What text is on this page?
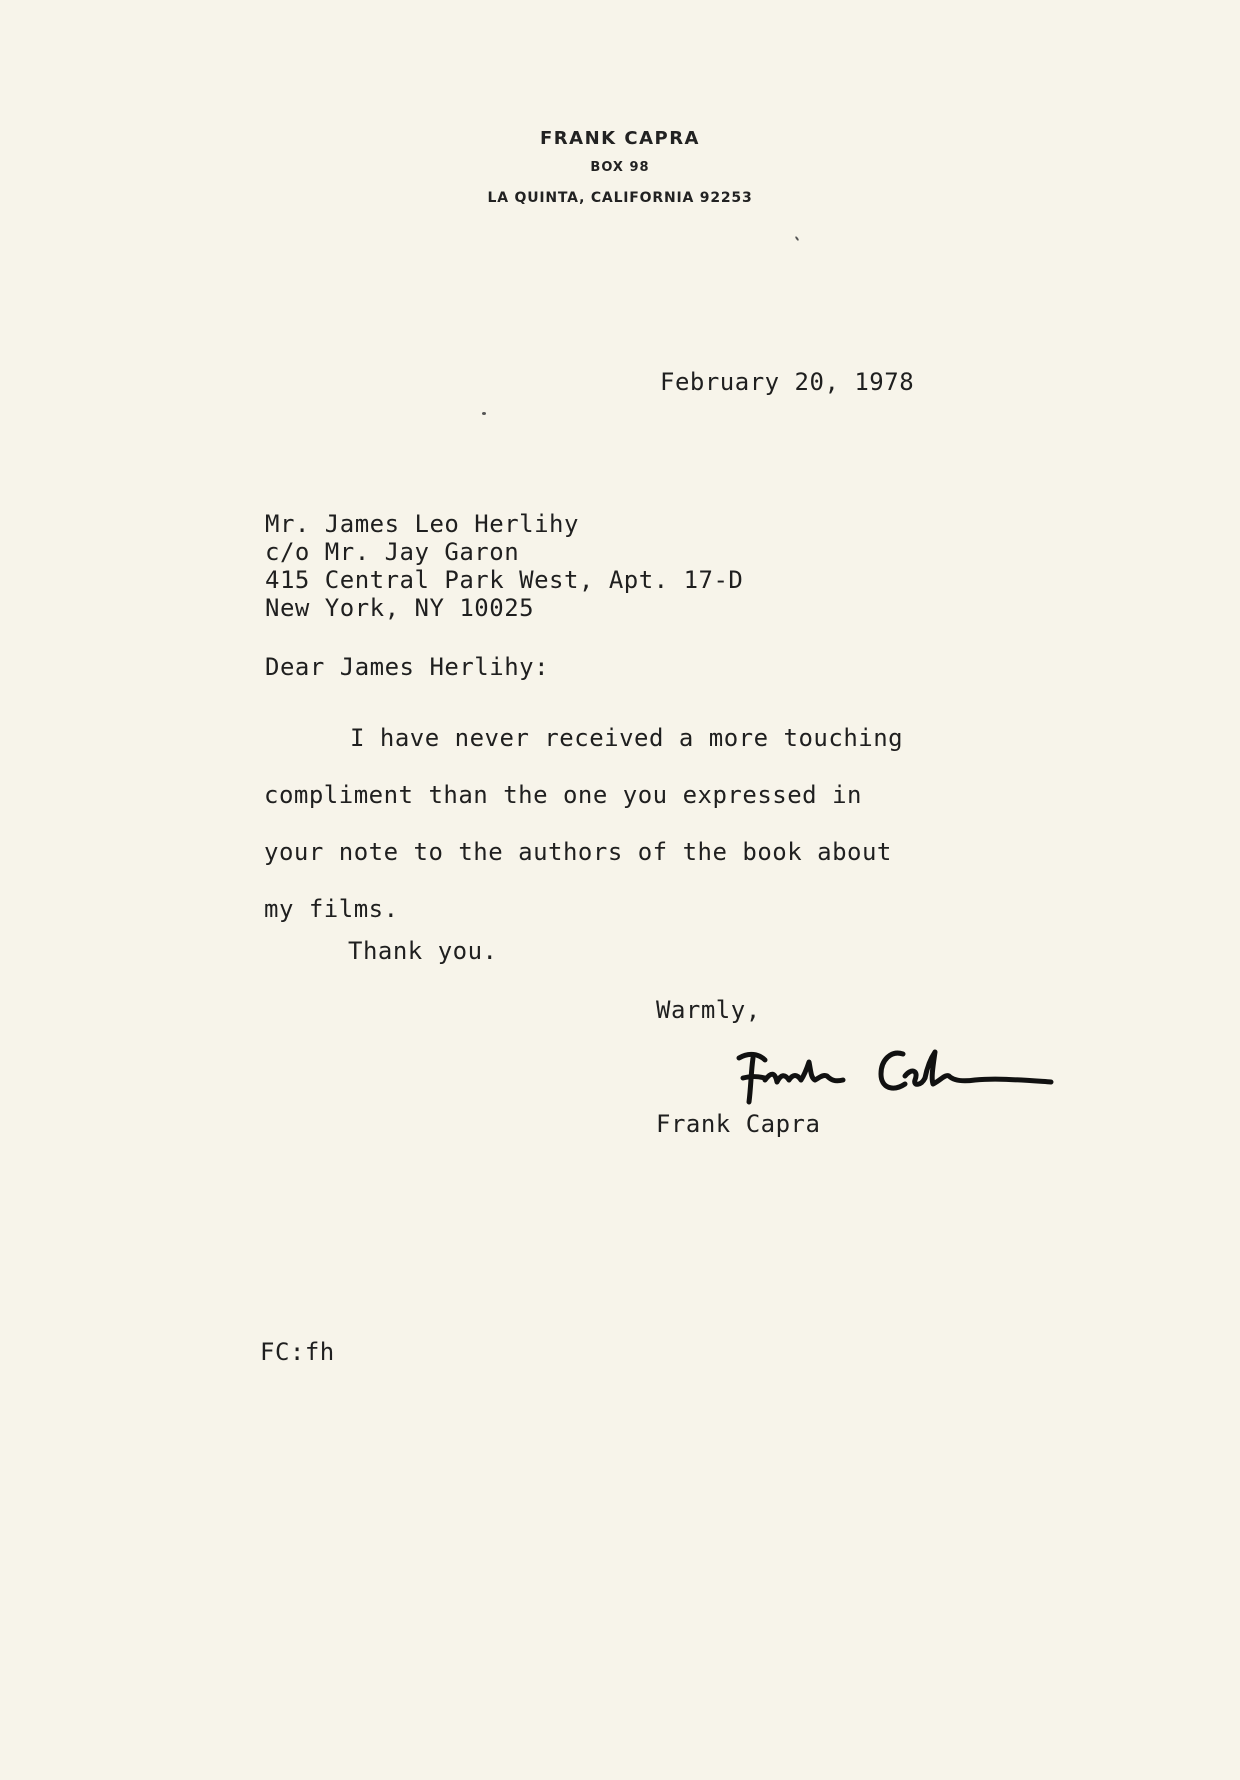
FRANK CAPRA
BOX 98
LA QUINTA, CALIFORNIA 92253
February 20, 1978
Mr. James Leo Herlihy
c/o Mr. Jay Garon
415 Central Park West, Apt. 17-D
New York, NY 10025
Dear James Herlihy:
I have never received a more touching
compliment than the one you expressed in
your note to the authors of the book about
my films.
Thank you.
Warmly,
Frank Capra
FC:fh
